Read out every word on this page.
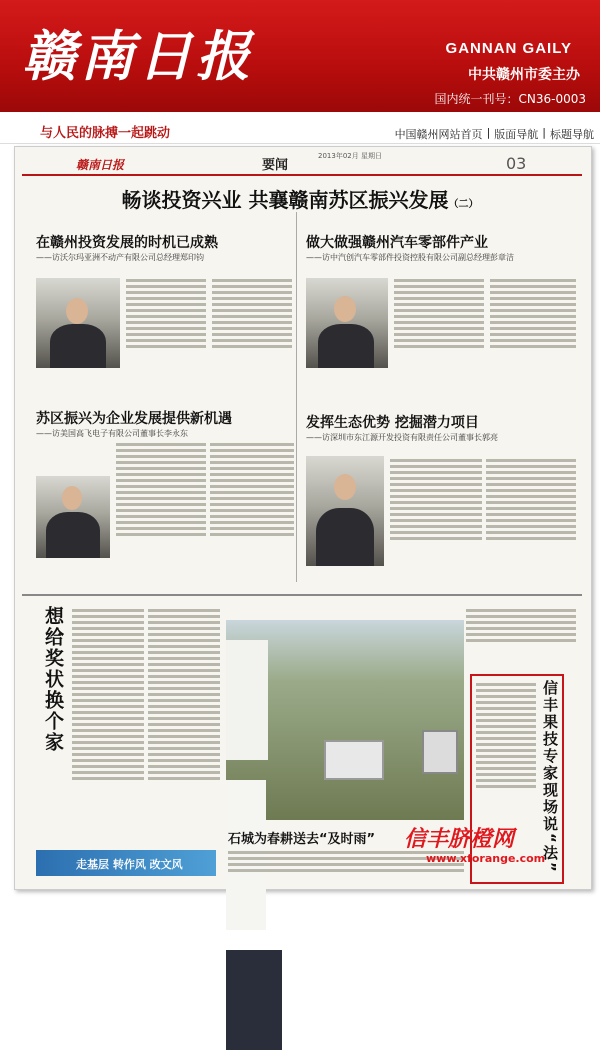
赣南日报	GANNAN GAILY
中共赣州市委主办
国内统一刊号：CN36-0003
与人民的脉搏一起跳动	中国赣州网站首页 | 版面导航 | 标题导航
赣南日报	要闻
2013年02月 星期日	03
畅谈投资兴业 共襄赣南苏区振兴发展（二）
在赣州投资发展的时机已成熟
——访沃尔玛亚洲不动产有限公司总经理郑印钧
做大做强赣州汽车零部件产业
——访中汽创汽车零部件投资控股有限公司副总经理彭章洁
苏区振兴为企业发展提供新机遇
——访美国高飞电子有限公司董事长李永东
发挥生态优势 挖掘潜力项目
——访深圳市东江源开发投资有限责任公司董事长郭亮
想给奖状换个家
走基层 转作风 改文风
石城为春耕送去“及时雨”	信丰果技专家现场说“法”
信丰脐橙网
www.xforange.com
